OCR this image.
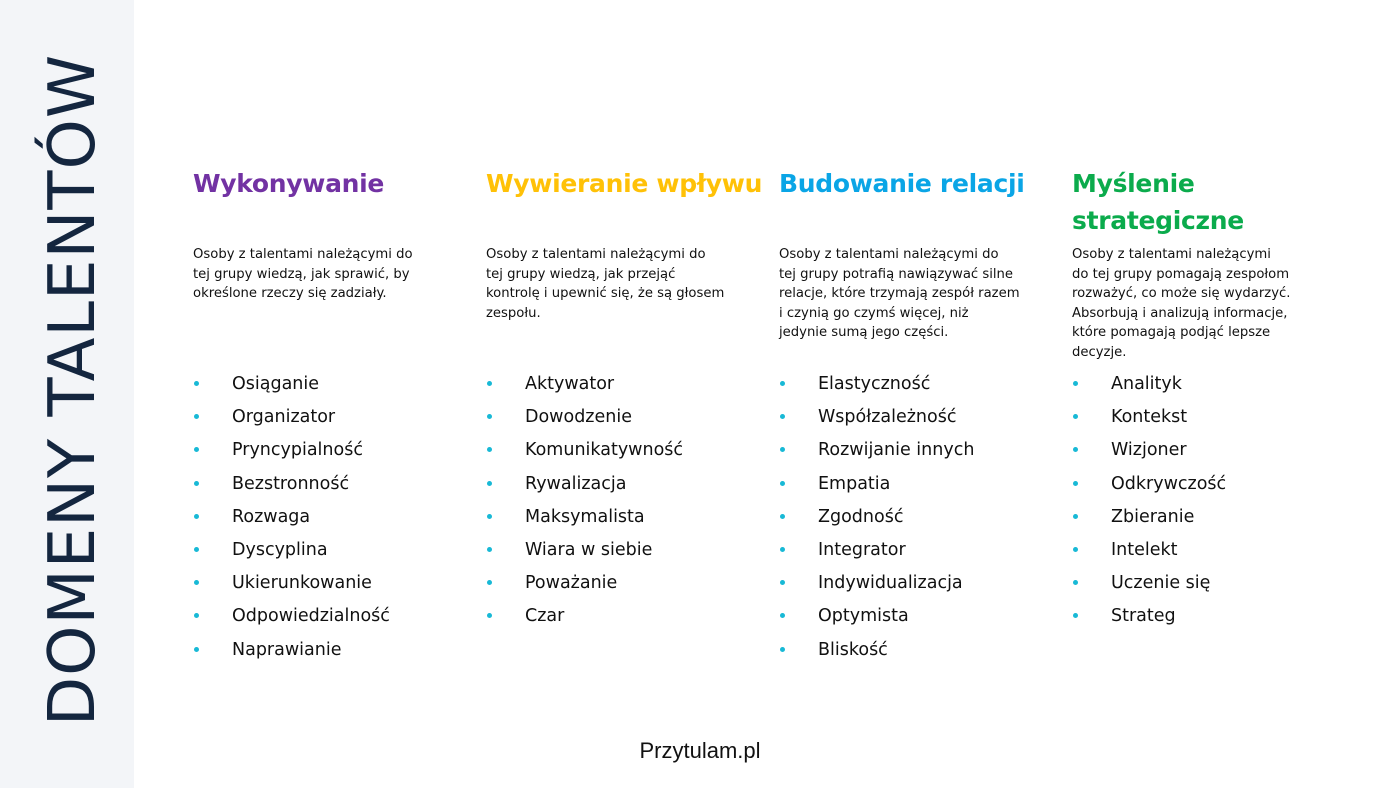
DOMENY TALENTÓW	Wykonywanie

Osoby z talentami należącymi do
tej grupy wiedzą, jak sprawić, by
określone rzeczy się zadziały.

Osiąganie
Organizator
Pryncypialność
Bezstronność
Rozwaga
Dyscyplina
Ukierunkowanie
Odpowiedzialność
Naprawianie
Wywieranie wpływu

Osoby z talentami należącymi do
tej grupy wiedzą, jak przejąć
kontrolę i upewnić się, że są głosem
zespołu.

Aktywator
Dowodzenie
Komunikatywność
Rywalizacja
Maksymalista
Wiara w siebie
Poważanie
Czar
Budowanie relacji

Osoby z talentami należącymi do
tej grupy potrafią nawiązywać silne
relacje, które trzymają zespół razem
i czynią go czymś więcej, niż
jedynie sumą jego części.

Elastyczność
Współzależność
Rozwijanie innych
Empatia
Zgodność
Integrator
Indywidualizacja
Optymista
Bliskość
Myślenie strategiczne

Osoby z talentami należącymi
do tej grupy pomagają zespołom
rozważyć, co może się wydarzyć.
Absorbują i analizują informacje,
które pomagają podjąć lepsze
decyzje.

Analityk
Kontekst
Wizjoner
Odkrywczość
Zbieranie
Intelekt
Uczenie się
Strateg
Przytulam.pl
